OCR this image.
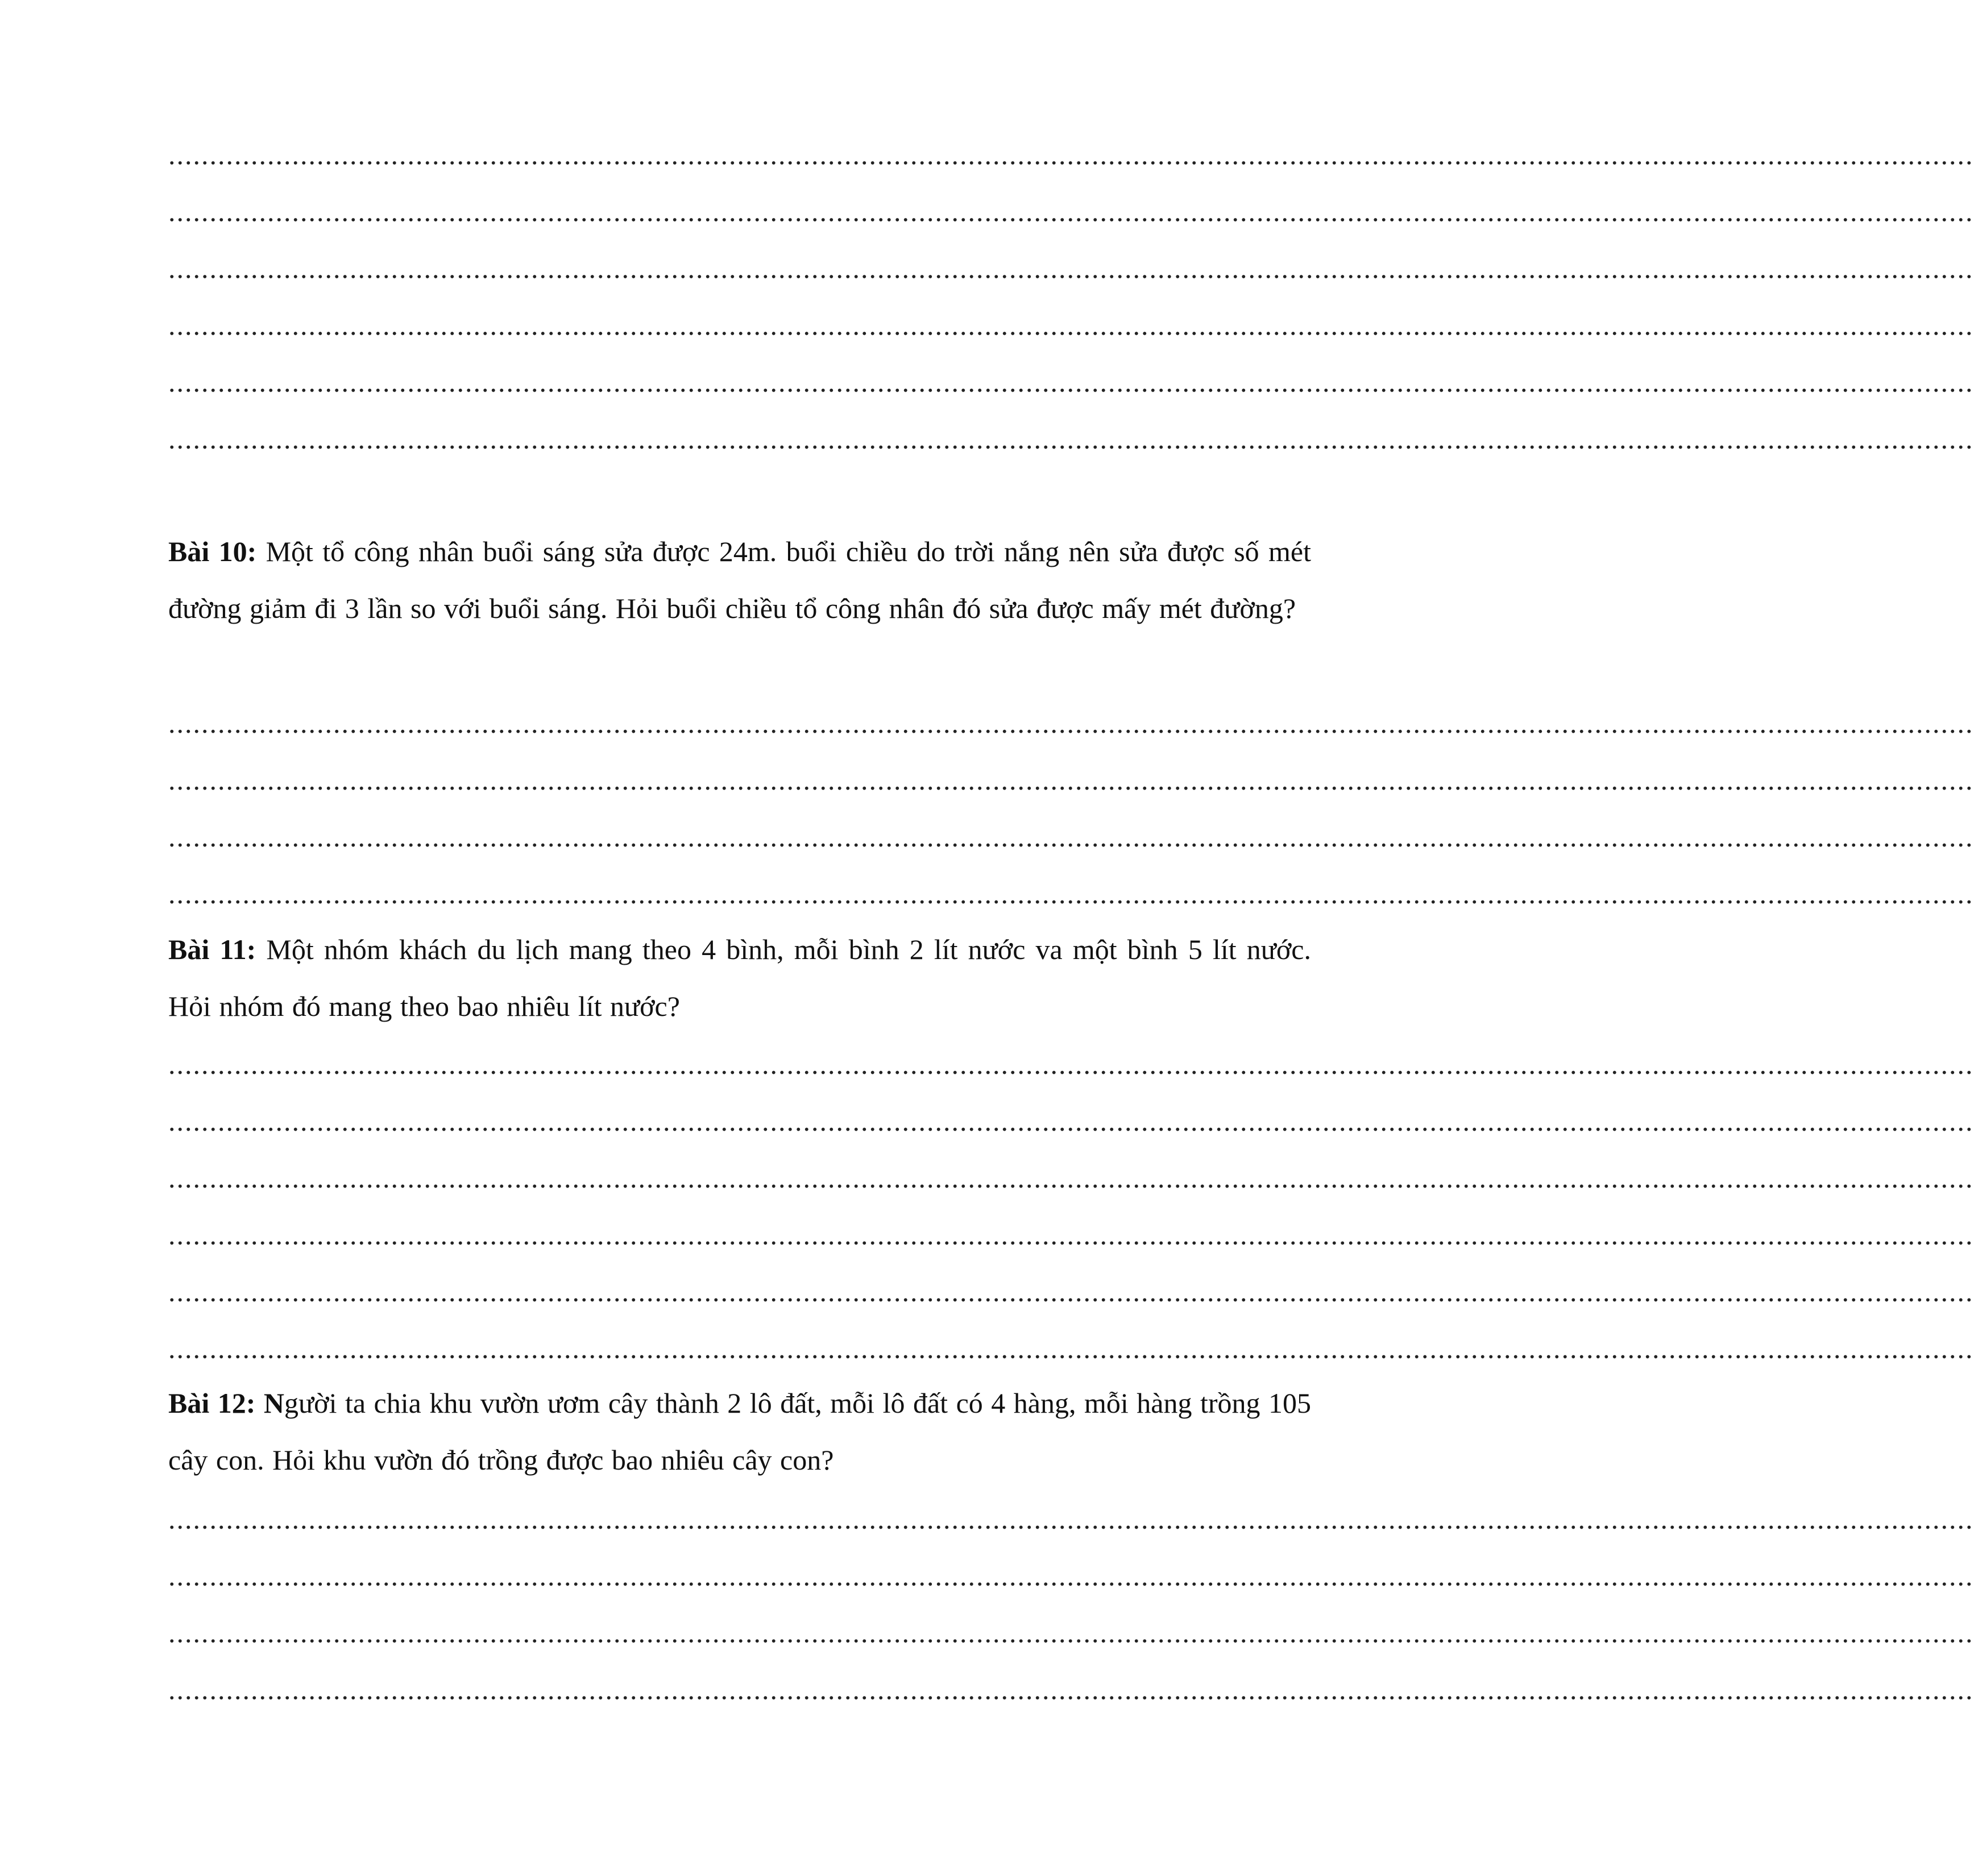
...........................................................................................................................................................................................................................
...........................................................................................................................................................................................................................
...........................................................................................................................................................................................................................
...........................................................................................................................................................................................................................
...........................................................................................................................................................................................................................
...........................................................................................................................................................................................................................
Bài 10: Một tổ công nhân buổi sáng sửa được 24m. buổi chiều do trời nắng nên sửa được số mét đường giảm đi 3 lần so với buổi sáng. Hỏi buổi chiều tổ công nhân đó sửa được mấy mét đường?
...........................................................................................................................................................................................................................
...........................................................................................................................................................................................................................
...........................................................................................................................................................................................................................
...........................................................................................................................................................................................................................
Bài 11: Một nhóm khách du lịch mang theo 4 bình, mỗi bình 2 lít nước va một bình 5 lít nước. Hỏi nhóm đó mang theo bao nhiêu lít nước?
...........................................................................................................................................................................................................................
...........................................................................................................................................................................................................................
...........................................................................................................................................................................................................................
...........................................................................................................................................................................................................................
...........................................................................................................................................................................................................................
...........................................................................................................................................................................................................................
Bài 12: Người ta chia khu vườn ươm cây thành 2 lô đất, mỗi lô đất có 4 hàng, mỗi hàng trồng 105 cây con. Hỏi khu vườn đó trồng được bao nhiêu cây con?
...........................................................................................................................................................................................................................
...........................................................................................................................................................................................................................
...........................................................................................................................................................................................................................
...........................................................................................................................................................................................................................
